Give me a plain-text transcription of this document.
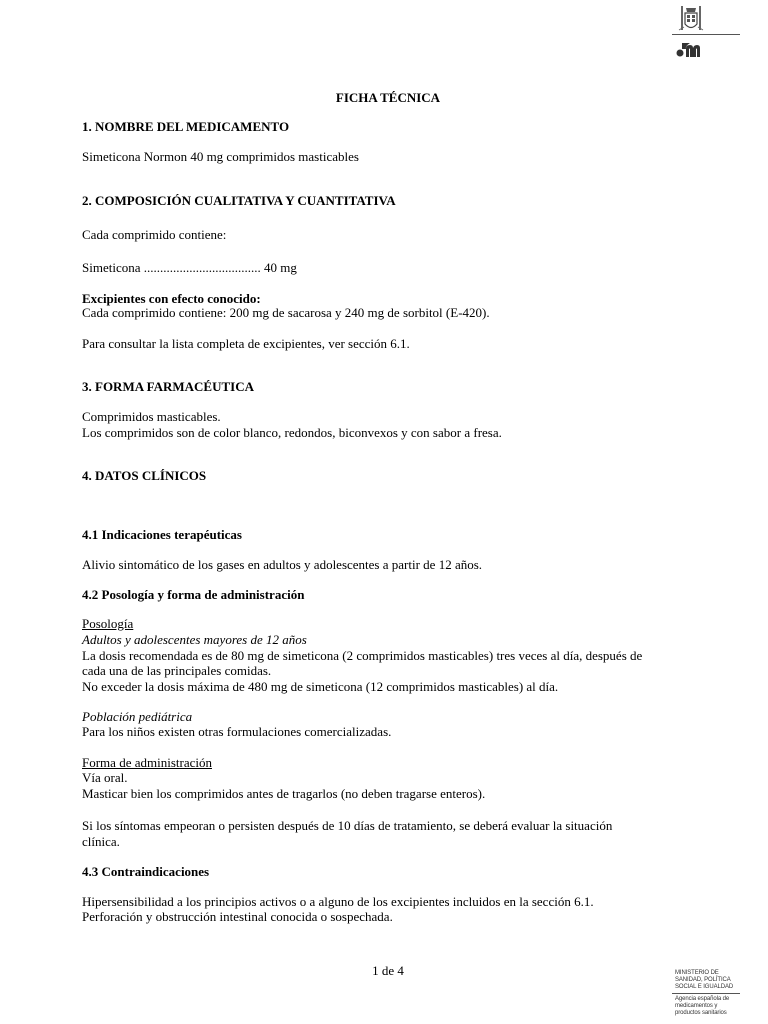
FICHA TÉCNICA
1. NOMBRE DEL MEDICAMENTO
Simeticona Normon 40 mg comprimidos masticables
2. COMPOSICIÓN CUALITATIVA Y CUANTITATIVA
Cada comprimido contiene:
Simeticona .................................... 40 mg
Excipientes con efecto conocido:
Cada comprimido contiene: 200 mg de sacarosa y 240 mg de sorbitol (E-420).
Para consultar la lista completa de excipientes, ver sección 6.1.
3. FORMA FARMACÉUTICA
Comprimidos masticables.
Los comprimidos son de color blanco, redondos, biconvexos y con sabor a fresa.
4. DATOS CLÍNICOS
4.1 Indicaciones terapéuticas
Alivio sintomático de los gases en adultos y adolescentes a partir de 12 años.
4.2 Posología y forma de administración
Posología
Adultos y adolescentes mayores de 12 años
La dosis recomendada es de 80 mg de simeticona (2 comprimidos masticables) tres veces al día, después de
cada una de las principales comidas.
No exceder la dosis máxima de 480 mg de simeticona (12 comprimidos masticables) al día.
Población pediátrica
Para los niños existen otras formulaciones comercializadas.
Forma de administración
Vía oral.
Masticar bien los comprimidos antes de tragarlos (no deben tragarse enteros).
Si los síntomas empeoran o persisten después de 10 días de tratamiento, se deberá evaluar la situación
clínica.
4.3 Contraindicaciones
Hipersensibilidad a los principios activos o a alguno de los excipientes incluidos en la sección 6.1.
Perforación y obstrucción intestinal conocida o sospechada.
1 de 4	MINISTERIO DE
SANIDAD, POLÍTICA
SOCIAL E IGUALDAD
Agencia española de
medicamentos y
productos sanitarios
